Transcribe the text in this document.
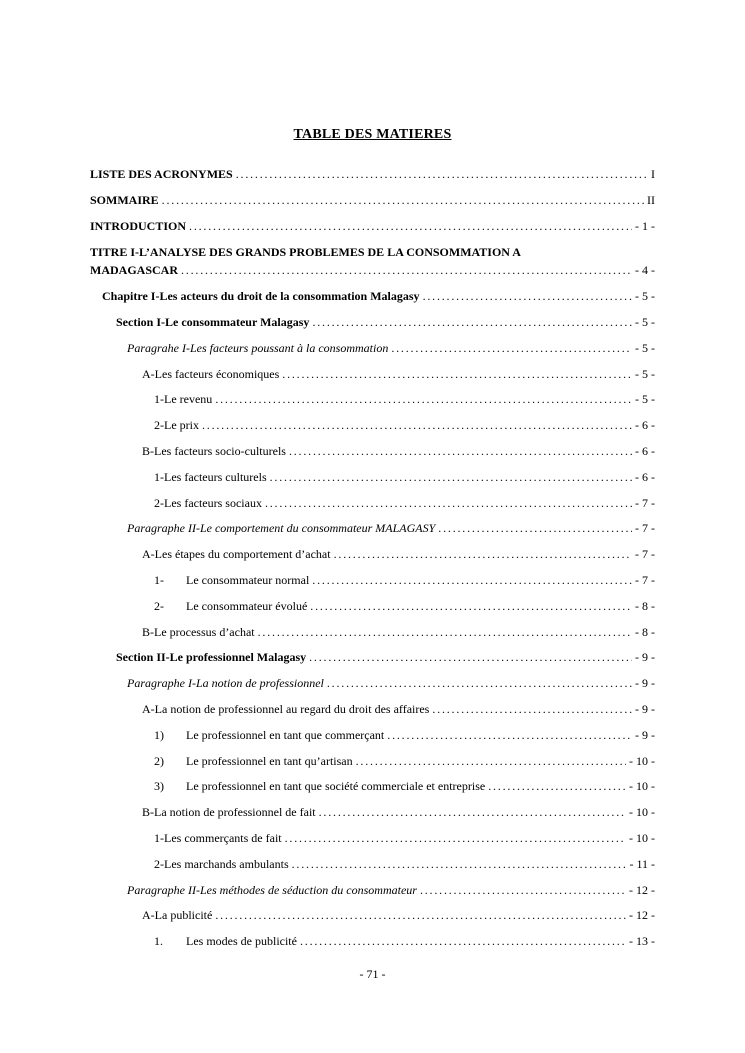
TABLE DES MATIERES
LISTE DES ACRONYMES .....	I
SOMMAIRE .....	II
INTRODUCTION .....	- 1 -
TITRE I-L’ANALYSE DES GRANDS PROBLEMES DE LA CONSOMMATION A
MADAGASCAR .....	- 4 -
Chapitre I-Les acteurs du droit de la consommation Malagasy .....	- 5 -
Section I-Le consommateur Malagasy .....	- 5 -
Paragrahe I-Les facteurs poussant à la consommation .....	- 5 -
A-Les facteurs économiques .....	- 5 -
1-Le revenu .....	- 5 -
2-Le prix .....	- 6 -
B-Les facteurs socio-culturels .....	- 6 -
1-Les facteurs culturels .....	- 6 -
2-Les facteurs sociaux .....	- 7 -
Paragraphe II-Le comportement du consommateur MALAGASY .....	- 7 -
A-Les étapes du comportement d’achat .....	- 7 -
1-	Le consommateur normal .....	- 7 -
2-	Le consommateur évolué .....	- 8 -
B-Le processus d’achat .....	- 8 -
Section II-Le professionnel Malagasy .....	- 9 -
Paragraphe I-La notion de professionnel .....	- 9 -
A-La notion de professionnel au regard du droit des affaires .....	- 9 -
1)	Le professionnel en tant que commerçant .....	- 9 -
2)	Le professionnel en tant qu’artisan .....	- 10 -
3)	Le professionnel en tant que société commerciale et entreprise .....	- 10 -
B-La notion de professionnel de fait .....	- 10 -
1-Les commerçants de fait .....	- 10 -
2-Les marchands ambulants .....	- 11 -
Paragraphe II-Les méthodes de séduction du consommateur .....	- 12 -
A-La publicité .....	- 12 -
1.	Les modes de publicité .....	- 13 -
- 71 -
